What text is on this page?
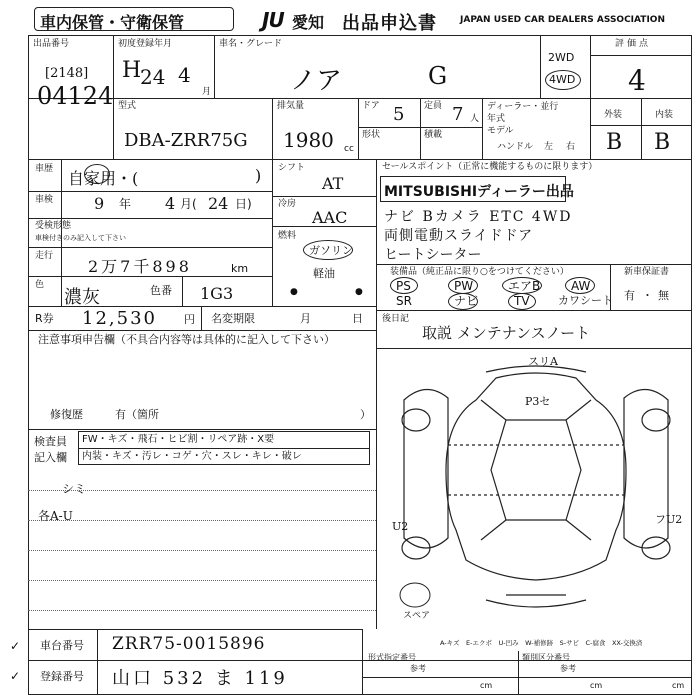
車内保管・守衛保管	JU 愛知 出品申込書	JAPAN USED CAR DEALERS ASSOCIATION
出品番号
[2148]
04124
初度登録年月
H
24 4
月
車名・グレード
ノア	G
2WD
4WD
評価点
4
型式
DBA-ZRR75G
排気量
1980 cc
ドア 5 定員 7 人
形状	積載
ディーラー・並行
年式
モデル
ハンドル 左 右
外装	内装
B B
車歴 自家用・(	)
車検	9 年 4 月( 24 日)
受検形態
車検付きのみ記入して下さい
走行
2万7千898	km
色
濃灰	色番 1G3
R券 12,530 円 名変期限	月	日
注意事項申告欄（不具合内容等は具体的に記入して下さい）
修復歴	有（箇所	）
シフト
AT
冷房
AAC
燃料
ガソリン
軽油
●	●
セールスポイント（正常に機能するものに限ります）
MITSUBISHIディーラー出品
ナビ Bカメラ ETC 4WD
両側電動スライドドア
ヒートシーター
装備品（純正品に限り○をつけてください）
PS	PW	エアB	AW
SR	ナビ	TV	カワシート
新車保証書
有 ・ 無
後日記
取説 メンテナンスノート
検査員
記入欄
FW・キズ・飛石・ヒビ割・リペア跡・X要
内装・キズ・汚レ・コゲ・穴・スレ・キレ・破レ
シミ
各A-U
スリA
P3セ
U2
フU2
スペア
A-キズ　E-エクボ　U-凹み　W-補修跡　S-サビ　C-腐食　XX-交換済
車台番号 ZRR75-0015896
登録番号 山口 532 ま 119
✓
✓
形式指定番号
参考
類別区分番号
参考
cm	cm	cm
